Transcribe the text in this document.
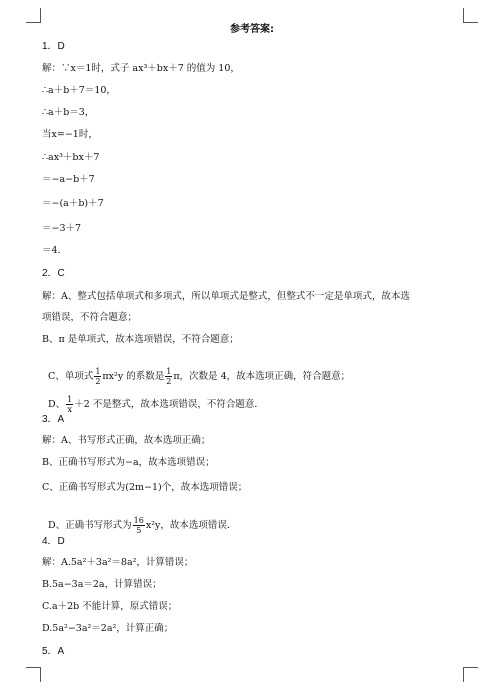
参考答案:
1．D
解：∵x＝1时，式子 ax³＋bx＋7 的值为 10，
∴a＋b＋7＝10，
∴a＋b＝3，
当x=−1时，
∴ax³＋bx＋7
＝−a−b＋7
＝−(a＋b)＋7
＝−3＋7
＝4．
2．C
解：A、整式包括单项式和多项式，所以单项式是整式，但整式不一定是单项式，故本选
项错误，不符合题意；
B、π 是单项式，故本选项错误，不符合题意；

C、单项式 $\frac{1}{2} \pi x^2y$ 的系数是 $\frac{1}{2}$ π，次数是 4，故本选项正确，符合题意；

D、 $\frac{1}{x} +2$ 不是整式，故本选项错误，不符合题意．

3．A
解：A、书写形式正确，故本选项正确；
B、正确书写形式为−a，故本选项错误；
C、正确书写形式为(2m−1)个，故本选项错误；

D、正确书写形式为 $\frac{16}{5} x^2y$，故本选项错误．

4．D
解：A.5a²＋3a²＝8a²，计算错误；
B.5a−3a＝2a，计算错误；
C.a＋2b 不能计算，原式错误；
D.5a²−3a²＝2a²，计算正确；
5．A
